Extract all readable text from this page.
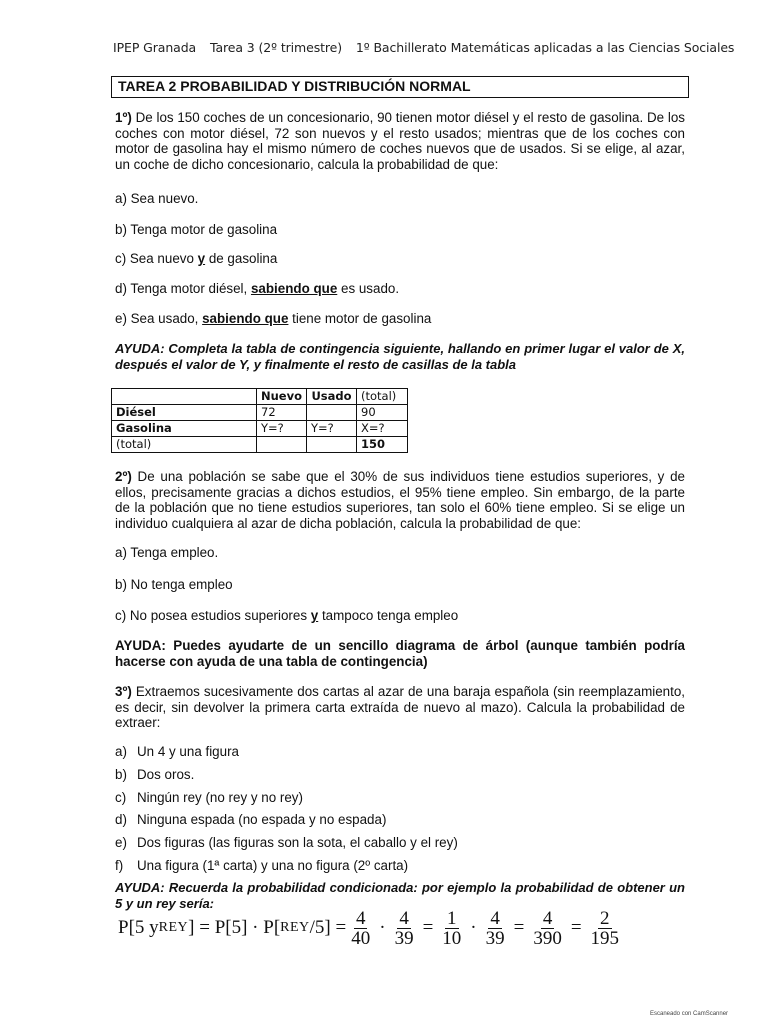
IPEP Granada Tarea 3 (2º trimestre) 1º Bachillerato Matemáticas aplicadas a las Ciencias Sociales
TAREA 2 PROBABILIDAD Y DISTRIBUCIÓN NORMAL
1º) De los 150 coches de un concesionario, 90 tienen motor diésel y el resto de gasolina. De los coches con motor diésel, 72 son nuevos y el resto usados; mientras que de los coches con motor de gasolina hay el mismo número de coches nuevos que de usados. Si se elige, al azar, un coche de dicho concesionario, calcula la probabilidad de que:
a) Sea nuevo.
b) Tenga motor de gasolina
c) Sea nuevo y de gasolina
d) Tenga motor diésel, sabiendo que es usado.
e) Sea usado, sabiendo que tiene motor de gasolina
AYUDA: Completa la tabla de contingencia siguiente, hallando en primer lugar el valor de X, después el valor de Y, y finalmente el resto de casillas de la tabla
	Nuevo	Usado	(total)
Diésel	72		90
Gasolina	Y=?	Y=?	X=?
(total)			150
2º) De una población se sabe que el 30% de sus individuos tiene estudios superiores, y de ellos, precisamente gracias a dichos estudios, el 95% tiene empleo. Sin embargo, de la parte de la población que no tiene estudios superiores, tan solo el 60% tiene empleo. Si se elige un individuo cualquiera al azar de dicha población, calcula la probabilidad de que:
a) Tenga empleo.
b) No tenga empleo
c) No posea estudios superiores y tampoco tenga empleo
AYUDA: Puedes ayudarte de un sencillo diagrama de árbol (aunque también podría hacerse con ayuda de una tabla de contingencia)
3º) Extraemos sucesivamente dos cartas al azar de una baraja española (sin reemplazamiento, es decir, sin devolver la primera carta extraída de nuevo al mazo). Calcula la probabilidad de extraer:
a) Un 4 y una figura
b) Dos oros.
c) Ningún rey (no rey y no rey)
d) Ninguna espada (no espada y no espada)
e) Dos figuras (las figuras son la sota, el caballo y el rey)
f) Una figura (1ª carta) y una no figura (2º carta)
AYUDA: Recuerda la probabilidad condicionada: por ejemplo la probabilidad de obtener un 5 y un rey sería:
P[5 y REY ] = P[5] · P[ REY $/5] = \frac{4}{40} \cdot \frac{4}{39} = \frac{1}{10} \cdot \frac{4}{39} = \frac{4}{390} = \frac{2}{195}$
Escaneado con CamScanner
